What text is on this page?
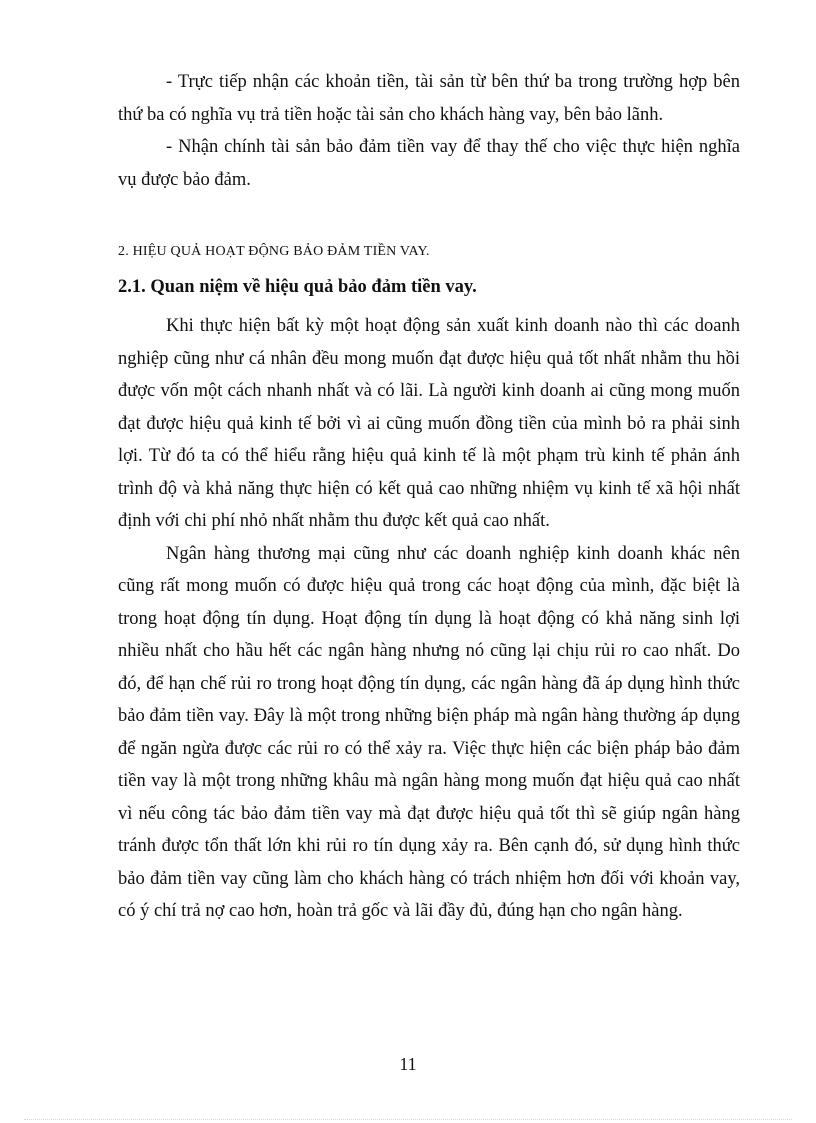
- Trực tiếp nhận các khoản tiền, tài sản từ bên thứ ba trong trường hợp bên thứ ba có nghĩa vụ trả tiền hoặc tài sản cho khách hàng vay, bên bảo lãnh.

- Nhận chính tài sản bảo đảm tiền vay để thay thế cho việc thực hiện nghĩa vụ được bảo đảm.

2. HIỆU QUẢ HOẠT ĐỘNG BẢO ĐẢM TIỀN VAY.

2.1. Quan niệm về hiệu quả bảo đảm tiền vay.

Khi thực hiện bất kỳ một hoạt động sản xuất kinh doanh nào thì các doanh nghiệp cũng như cá nhân đều mong muốn đạt được hiệu quả tốt nhất nhằm thu hồi được vốn một cách nhanh nhất và có lãi. Là người kinh doanh ai cũng mong muốn đạt được hiệu quả kinh tế bởi vì ai cũng muốn đồng tiền của mình bỏ ra phải sinh lợi. Từ đó ta có thể hiểu rằng hiệu quả kinh tế là một phạm trù kinh tế phản ánh trình độ và khả năng thực hiện có kết quả cao những nhiệm vụ kinh tế xã hội nhất định với chi phí nhỏ nhất nhằm thu được kết quả cao nhất.

Ngân hàng thương mại cũng như các doanh nghiệp kinh doanh khác nên cũng rất mong muốn có được hiệu quả trong các hoạt động của mình, đặc biệt là trong hoạt động tín dụng. Hoạt động tín dụng là hoạt động có khả năng sinh lợi nhiều nhất cho hầu hết các ngân hàng nhưng nó cũng lại chịu rủi ro cao nhất. Do đó, để hạn chế rủi ro trong hoạt động tín dụng, các ngân hàng đã áp dụng hình thức bảo đảm tiền vay. Đây là một trong những biện pháp mà ngân hàng thường áp dụng để ngăn ngừa được các rủi ro có thể xảy ra. Việc thực hiện các biện pháp bảo đảm tiền vay là một trong những khâu mà ngân hàng mong muốn đạt hiệu quả cao nhất vì nếu công tác bảo đảm tiền vay mà đạt được hiệu quả tốt thì sẽ giúp ngân hàng tránh được tổn thất lớn khi rủi ro tín dụng xảy ra. Bên cạnh đó, sử dụng hình thức bảo đảm tiền vay cũng làm cho khách hàng có trách nhiệm hơn đối với khoản vay, có ý chí trả nợ cao hơn, hoàn trả gốc và lãi đầy đủ, đúng hạn cho ngân hàng.

11
